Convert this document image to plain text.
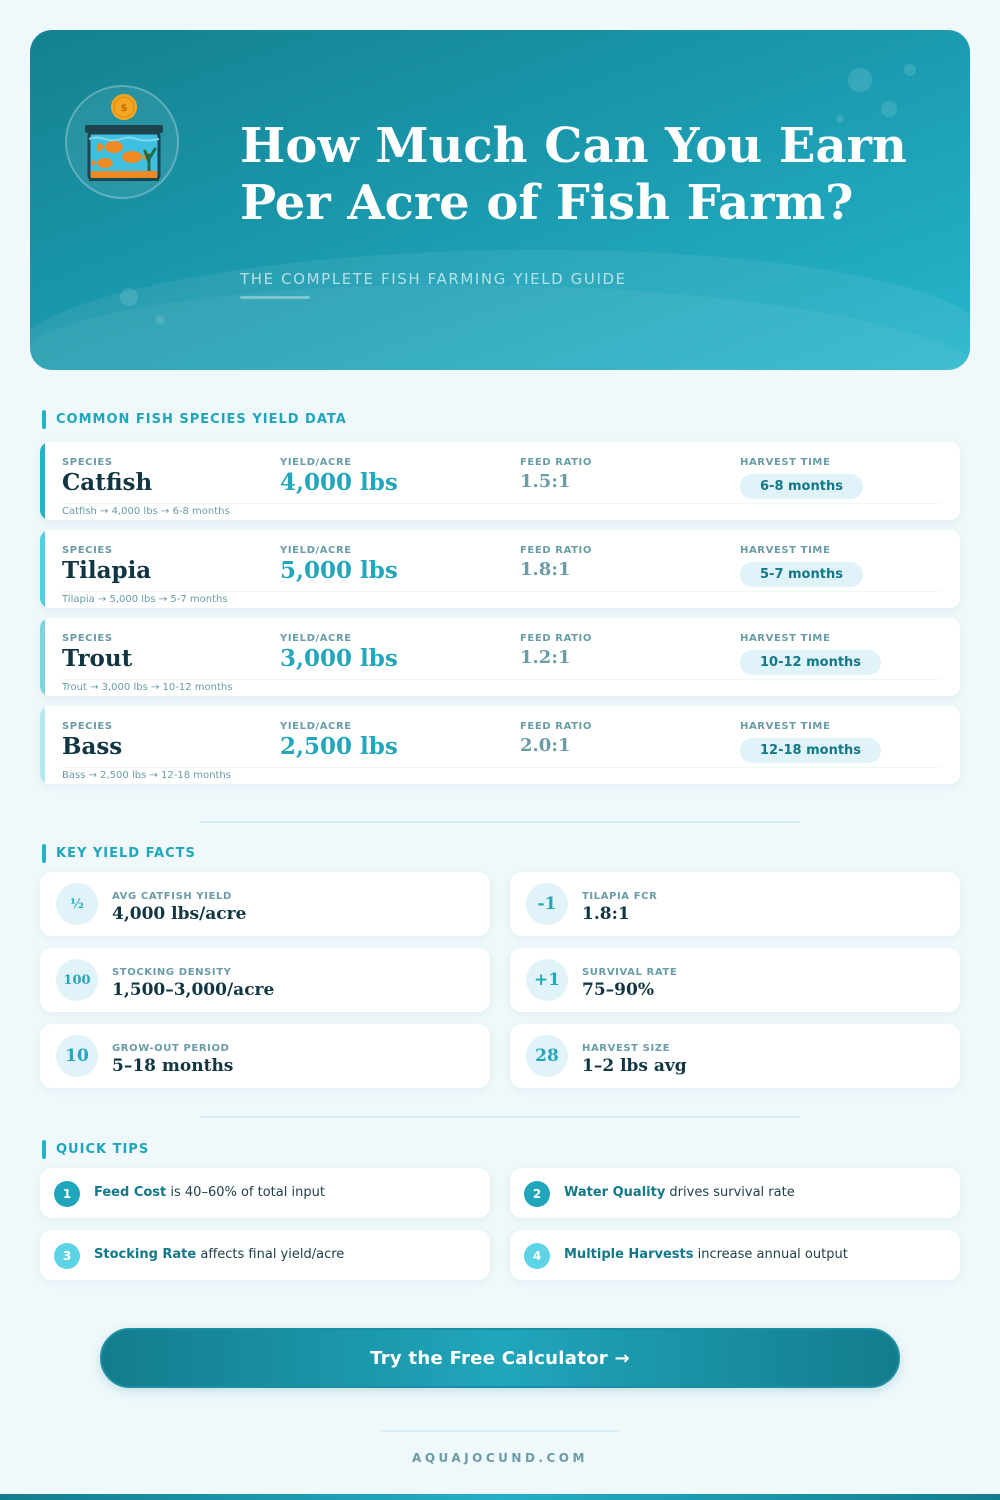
$
How Much Can You Earn Per Acre of Fish Farm?
THE COMPLETE FISH FARMING YIELD GUIDE
COMMON FISH SPECIES YIELD DATA
SPECIES
Catfish
YIELD/ACRE
4,000 lbs
FEED RATIO
1.5:1
HARVEST TIME
6-8 months
Catfish → 4,000 lbs → 6-8 months
SPECIES
Tilapia
YIELD/ACRE
5,000 lbs
FEED RATIO
1.8:1
HARVEST TIME
5-7 months
Tilapia → 5,000 lbs → 5-7 months
SPECIES
Trout
YIELD/ACRE
3,000 lbs
FEED RATIO
1.2:1
HARVEST TIME
10-12 months
Trout → 3,000 lbs → 10-12 months
SPECIES
Bass
YIELD/ACRE
2,500 lbs
FEED RATIO
2.0:1
HARVEST TIME
12-18 months
Bass → 2,500 lbs → 12-18 months
KEY YIELD FACTS
½	AVG CATFISH YIELD
4,000 lbs/acre	-1	TILAPIA FCR
1.8:1
100	STOCKING DENSITY
1,500–3,000/acre	+1	SURVIVAL RATE
75–90%
10	GROW-OUT PERIOD
5–18 months	28	HARVEST SIZE
1–2 lbs avg
QUICK TIPS
1	Feed Cost is 40–60% of total input	2	Water Quality drives survival rate
3	Stocking Rate affects final yield/acre	4	Multiple Harvests increase annual output
Try the Free Calculator →
AQUAJOCUND.COM
